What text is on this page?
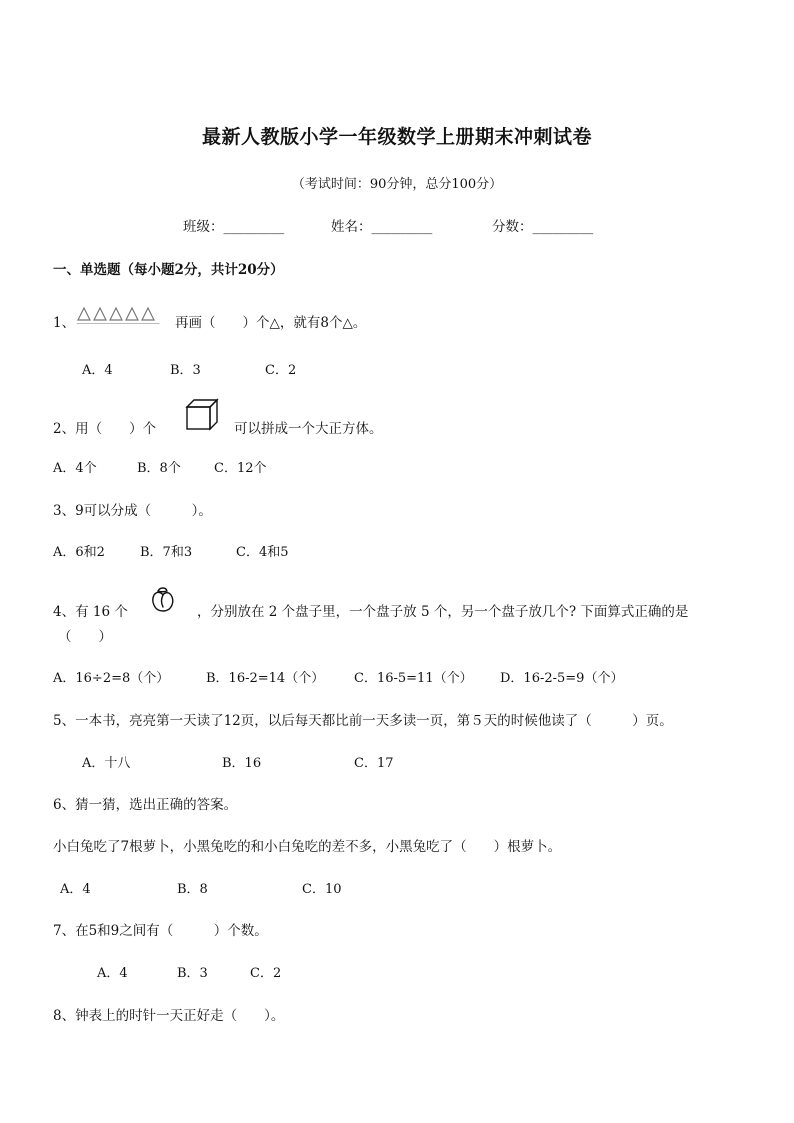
最新人教版小学一年级数学上册期末冲刺试卷
（考试时间：90分钟，总分100分）
班级：_________	姓名：_________	分数：_________
一、单选题（每小题2分，共计20分）
1、	再画（　　）个△，就有8个△。
A．4	B．3	C．2
2、用（　　）个	可以拼成一个大正方体。
A．4个	B．8个	C．12个
3、9可以分成（　　　）。
A．6和2	B．7和3	C．4和5
4、有 16 个	，分别放在 2 个盘子里，一个盘子放 5 个，另一个盘子放几个? 下面算式正确的是
（　　）
A．16÷2=8（个）	B．16-2=14（个） C．16-5=11（个） D．16-2-5=9（个）
5、一本书，亮亮第一天读了12页，以后每天都比前一天多读一页，第５天的时候他读了（　　　）页。
A．十八	B．16	C．17
6、猜一猜，选出正确的答案。
小白兔吃了7根萝卜，小黑兔吃的和小白兔吃的差不多，小黑兔吃了（　　）根萝卜。
A．4	B．8	C．10
7、在5和9之间有（　　　）个数。
A．4	B．3	C．2
8、钟表上的时针一天正好走（　　）。
